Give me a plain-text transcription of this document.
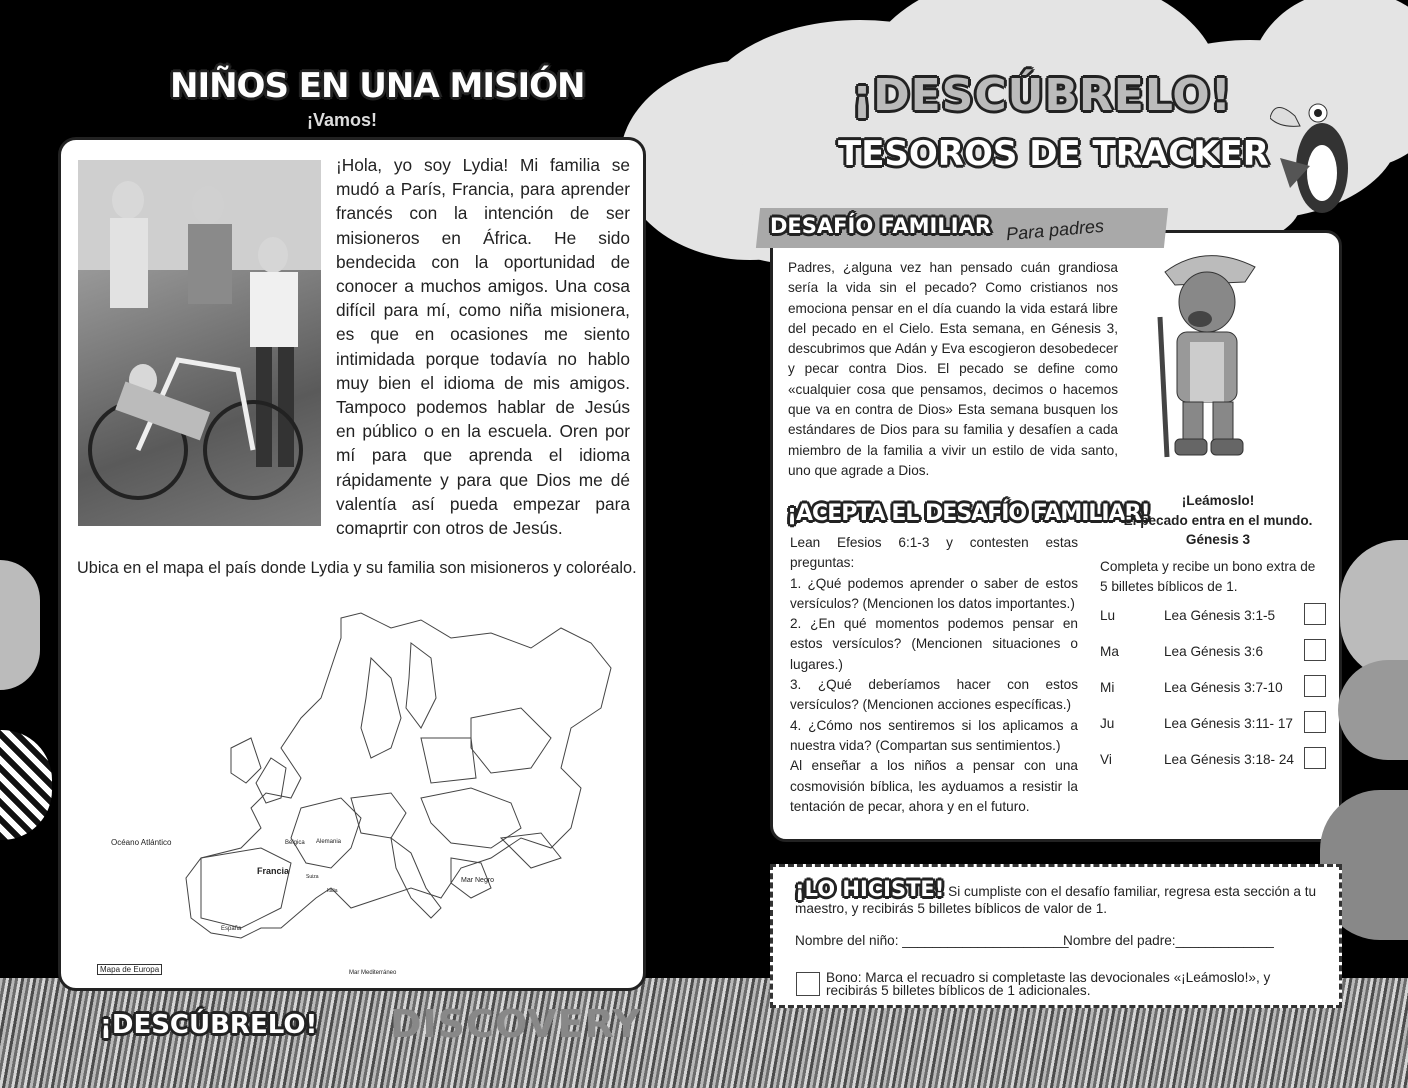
NIÑOS EN UNA MISIÓN
¡Vamos!
¡Hola, yo soy Lydia! Mi familia se mudó a París, Francia, para aprender francés con la intención de ser misioneros en África. He sido bendecida con la oportunidad de conocer a muchos amigos. Una cosa difícil para mí, como niña misionera, es que en ocasiones me siento intimidada porque todavía no hablo muy bien el idioma de mis amigos. Tampoco podemos hablar de Jesús en público o en la escuela. Oren por mí para que aprenda el idioma rápidamente y para que Dios me dé valentía así pueda empezar para comaprtir con otros de Jesús.
Ubica en el mapa el país donde Lydia y su familia son misioneros y coloréalo.
Océano Atlántico	Bélgica Alemania
Francia
Suiza
Italia
España
Mar Negro
Mar Mediterráneo
Mapa de Europa
¡DESCÚBRELO! DISCOVERY
¡DESCÚBRELO!
TESOROS DE TRACKER
Padres, ¿alguna vez han pensado cuán grandiosa sería la vida sin el pecado? Como cristianos nos emociona pensar en el día cuando la vida estará libre del pecado en el Cielo. Esta semana, en Génesis 3, descubrimos que Adán y Eva escogieron desobedecer y pecar contra Dios. El pecado se define como «cualquier cosa que pensamos, decimos o hacemos que va en contra de Dios» Esta semana busquen los estándares de Dios para su familia y desafíen a cada miembro de la familia a vivir un estilo de vida santo, uno que agrade a Dios.
¡ACEPTA EL DESAFÍO FAMILIAR!
Lean Efesios 6:1-3 y contesten estas preguntas:
1. ¿Qué podemos aprender o saber de estos versículos? (Mencionen los datos importantes.)
2. ¿En qué momentos podemos pensar en estos versículos? (Mencionen situaciones o lugares.)
3. ¿Qué deberíamos hacer con estos versículos? (Mencionen acciones específicas.)
4. ¿Cómo nos sentiremos si los aplicamos a nuestra vida? (Compartan sus sentimientos.)
Al enseñar a los niños a pensar con una cosmovisión bíblica, les ayduamos a resistir la tentación de pecar, ahora y en el futuro.
¡Leámoslo!
El pecado entra en el mundo.
Génesis 3
Completa y recibe un bono extra de 5 billetes bíblicos de 1.
Lu	Lea Génesis 3:1-5
Ma	Lea Génesis 3:6
Mi	Lea Génesis 3:7-10
Ju	Lea Génesis 3:11- 17
Vi	Lea Génesis 3:18- 24
DESAFÍO FAMILIAR Para padres
¡LO HICISTE! Si cumpliste con el desafío familiar, regresa esta sección a tu maestro, y recibirás 5 billetes bíblicos de valor de 1.
Nombre del niño: ______________________
Nombre del padre:_____________
Bono: Marca el recuadro si completaste las devocionales «¡Leámoslo!», y recibirás 5 billetes bíblicos de 1 adicionales.
